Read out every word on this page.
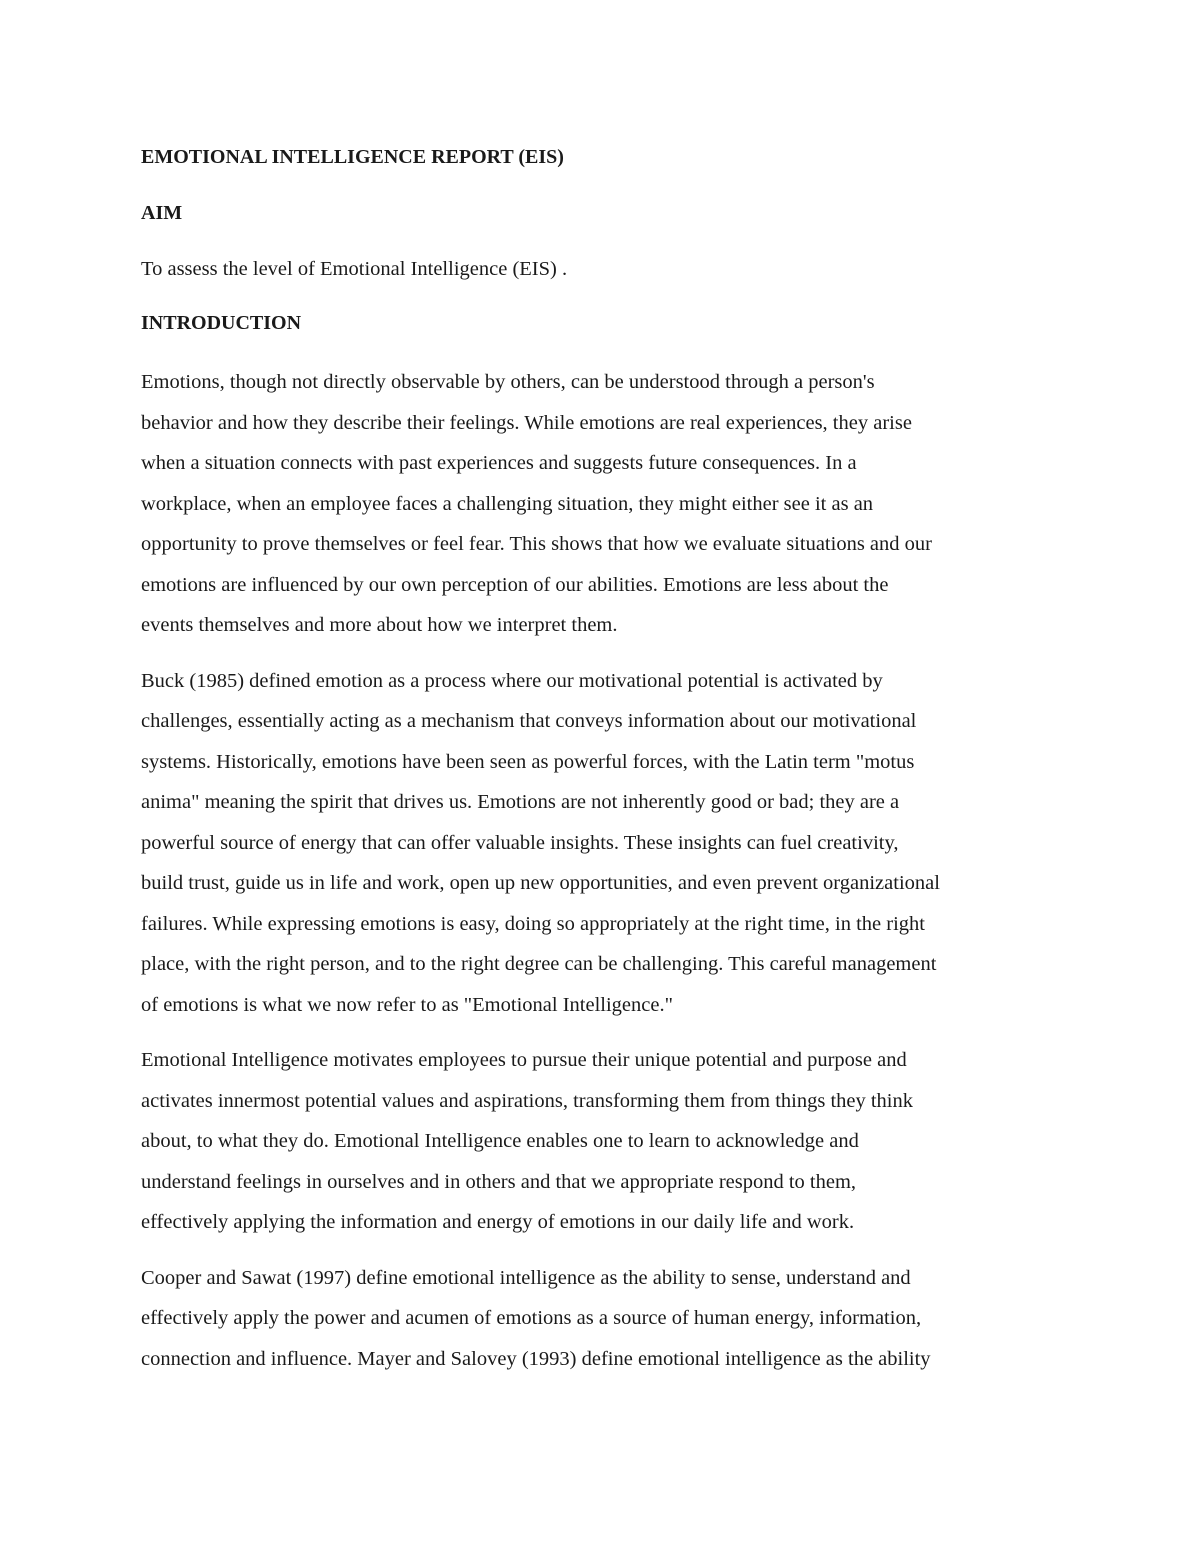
EMOTIONAL INTELLIGENCE REPORT (EIS)
AIM
To assess the level of Emotional Intelligence (EIS) .
INTRODUCTION
Emotions, though not directly observable by others, can be understood through a person's
behavior and how they describe their feelings. While emotions are real experiences, they arise
when a situation connects with past experiences and suggests future consequences. In a
workplace, when an employee faces a challenging situation, they might either see it as an
opportunity to prove themselves or feel fear. This shows that how we evaluate situations and our
emotions are influenced by our own perception of our abilities. Emotions are less about the
events themselves and more about how we interpret them.
Buck (1985) defined emotion as a process where our motivational potential is activated by
challenges, essentially acting as a mechanism that conveys information about our motivational
systems. Historically, emotions have been seen as powerful forces, with the Latin term "motus
anima" meaning the spirit that drives us. Emotions are not inherently good or bad; they are a
powerful source of energy that can offer valuable insights. These insights can fuel creativity,
build trust, guide us in life and work, open up new opportunities, and even prevent organizational
failures. While expressing emotions is easy, doing so appropriately at the right time, in the right
place, with the right person, and to the right degree can be challenging. This careful management
of emotions is what we now refer to as "Emotional Intelligence."
Emotional Intelligence motivates employees to pursue their unique potential and purpose and
activates innermost potential values and aspirations, transforming them from things they think
about, to what they do. Emotional Intelligence enables one to learn to acknowledge and
understand feelings in ourselves and in others and that we appropriate respond to them,
effectively applying the information and energy of emotions in our daily life and work.
Cooper and Sawat (1997) define emotional intelligence as the ability to sense, understand and
effectively apply the power and acumen of emotions as a source of human energy, information,
connection and influence. Mayer and Salovey (1993) define emotional intelligence as the ability
